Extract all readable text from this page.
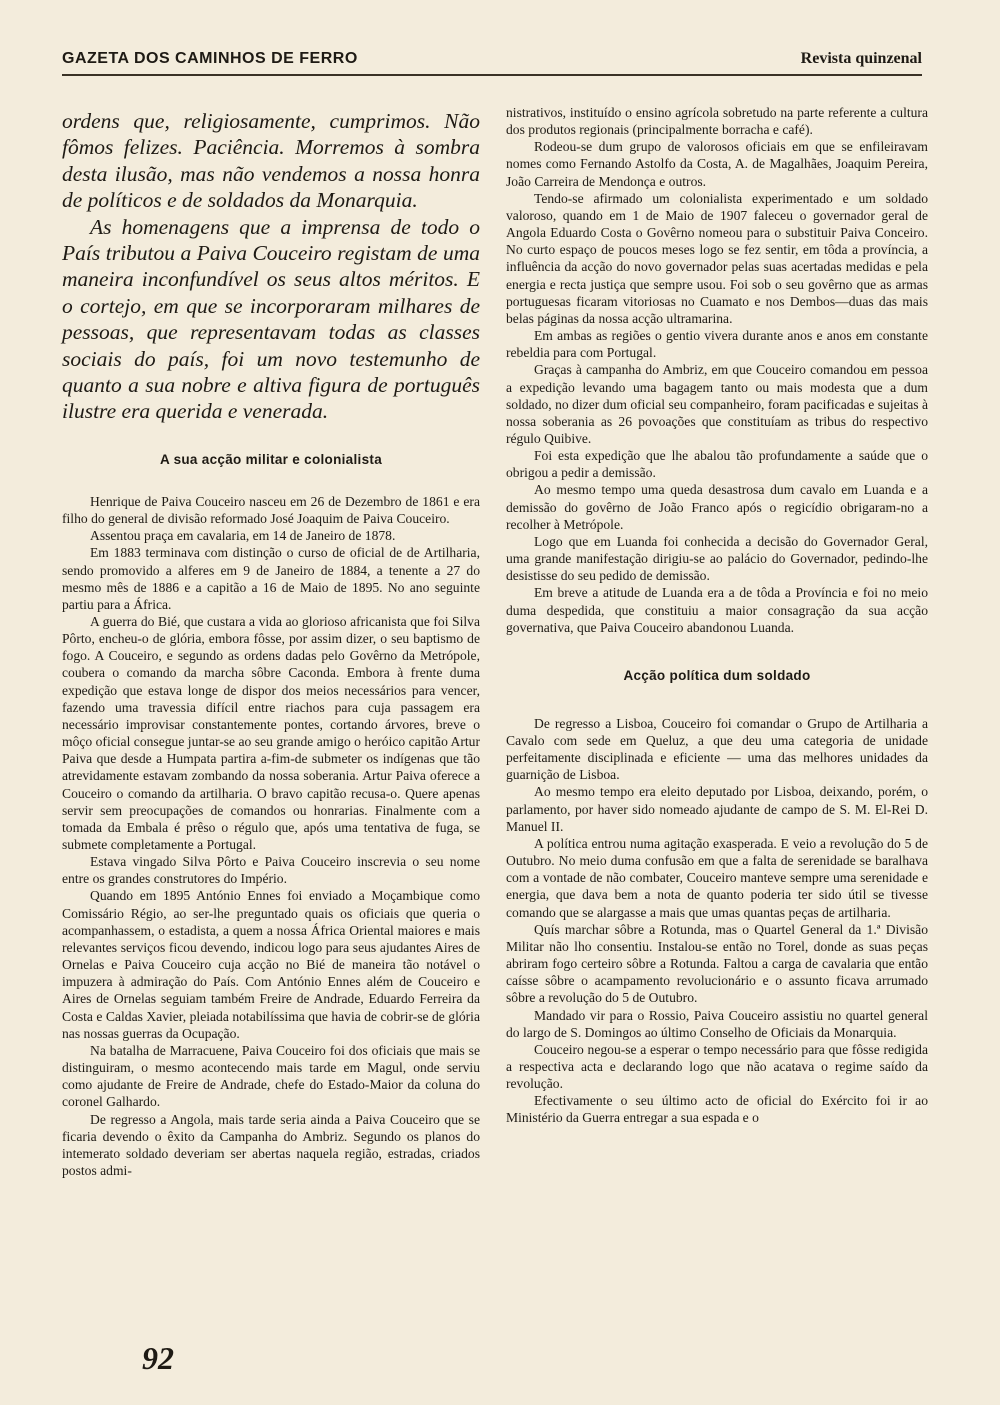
GAZETA DOS CAMINHOS DE FERRO	Revista quinzenal

ordens que, religiosamente, cumprimos. Não fômos felizes. Paciência. Morremos à sombra desta ilusão, mas não vendemos a nossa honra de políticos e de soldados da Monarquia.

As homenagens que a imprensa de todo o País tributou a Paiva Couceiro registam de uma maneira inconfundível os seus altos méritos. E o cortejo, em que se incorporaram milhares de pessoas, que representavam todas as classes sociais do país, foi um novo testemunho de quanto a sua nobre e altiva figura de português ilustre era querida e venerada.

A sua acção militar e colonialista

Henrique de Paiva Couceiro nasceu em 26 de Dezembro de 1861 e era filho do general de divisão reformado José Joaquim de Paiva Couceiro.

Assentou praça em cavalaria, em 14 de Janeiro de 1878.

Em 1883 terminava com distinção o curso de oficial de de Artilharia, sendo promovido a alferes em 9 de Janeiro de 1884, a tenente a 27 do mesmo mês de 1886 e a capitão a 16 de Maio de 1895. No ano seguinte partiu para a África.

A guerra do Bié, que custara a vida ao glorioso africanista que foi Silva Pôrto, encheu-o de glória, embora fôsse, por assim dizer, o seu baptismo de fogo. A Couceiro, e segundo as ordens dadas pelo Govêrno da Metrópole, coubera o comando da marcha sôbre Caconda. Embora à frente duma expedição que estava longe de dispor dos meios necessários para vencer, fazendo uma travessia difícil entre riachos para cuja passagem era necessário improvisar constantemente pontes, cortando árvores, breve o môço oficial consegue juntar-se ao seu grande amigo o heróico capitão Artur Paiva que desde a Humpata partira a-fim-de submeter os indígenas que tão atrevidamente estavam zombando da nossa soberania. Artur Paiva oferece a Couceiro o comando da artilharia. O bravo capitão recusa-o. Quere apenas servir sem preocupações de comandos ou honrarias. Finalmente com a tomada da Embala é prêso o régulo que, após uma tentativa de fuga, se submete completamente a Portugal.

Estava vingado Silva Pôrto e Paiva Couceiro inscrevia o seu nome entre os grandes construtores do Império.

Quando em 1895 António Ennes foi enviado a Moçambique como Comissário Régio, ao ser-lhe preguntado quais os oficiais que queria o acompanhassem, o estadista, a quem a nossa África Oriental maiores e mais relevantes serviços ficou devendo, indicou logo para seus ajudantes Aires de Ornelas e Paiva Couceiro cuja acção no Bié de maneira tão notável o impuzera à admiração do País. Com António Ennes além de Couceiro e Aires de Ornelas seguiam também Freire de Andrade, Eduardo Ferreira da Costa e Caldas Xavier, pleiada notabilíssima que havia de cobrir-se de glória nas nossas guerras da Ocupação.

Na batalha de Marracuene, Paiva Couceiro foi dos oficiais que mais se distinguiram, o mesmo acontecendo mais tarde em Magul, onde serviu como ajudante de Freire de Andrade, chefe do Estado-Maior da coluna do coronel Galhardo.

De regresso a Angola, mais tarde seria ainda a Paiva Couceiro que se ficaria devendo o êxito da Campanha do Ambriz. Segundo os planos do intemerato soldado deveriam ser abertas naquela região, estradas, criados postos admi-

nistrativos, instituído o ensino agrícola sobretudo na parte referente a cultura dos produtos regionais (principalmente borracha e café).

Rodeou-se dum grupo de valorosos oficiais em que se enfileiravam nomes como Fernando Astolfo da Costa, A. de Magalhães, Joaquim Pereira, João Carreira de Mendonça e outros.

Tendo-se afirmado um colonialista experimentado e um soldado valoroso, quando em 1 de Maio de 1907 faleceu o governador geral de Angola Eduardo Costa o Govêrno nomeou para o substituir Paiva Conceiro. No curto espaço de poucos meses logo se fez sentir, em tôda a província, a influência da acção do novo governador pelas suas acertadas medidas e pela energia e recta justiça que sempre usou. Foi sob o seu govêrno que as armas portuguesas ficaram vitoriosas no Cuamato e nos Dembos—duas das mais belas páginas da nossa acção ultramarina.

Em ambas as regiões o gentio vivera durante anos e anos em constante rebeldia para com Portugal.

Graças à campanha do Ambriz, em que Couceiro comandou em pessoa a expedição levando uma bagagem tanto ou mais modesta que a dum soldado, no dizer dum oficial seu companheiro, foram pacificadas e sujeitas à nossa soberania as 26 povoações que constituíam as tribus do respectivo régulo Quibive.

Foi esta expedição que lhe abalou tão profundamente a saúde que o obrigou a pedir a demissão.

Ao mesmo tempo uma queda desastrosa dum cavalo em Luanda e a demissão do govêrno de João Franco após o regicídio obrigaram-no a recolher à Metrópole.

Logo que em Luanda foi conhecida a decisão do Governador Geral, uma grande manifestação dirigiu-se ao palácio do Governador, pedindo-lhe desistisse do seu pedido de demissão.

Em breve a atitude de Luanda era a de tôda a Província e foi no meio duma despedida, que constituiu a maior consagração da sua acção governativa, que Paiva Couceiro abandonou Luanda.

Acção política dum soldado

De regresso a Lisboa, Couceiro foi comandar o Grupo de Artilharia a Cavalo com sede em Queluz, a que deu uma categoria de unidade perfeitamente disciplinada e eficiente — uma das melhores unidades da guarnição de Lisboa.

Ao mesmo tempo era eleito deputado por Lisboa, deixando, porém, o parlamento, por haver sido nomeado ajudante de campo de S. M. El-Rei D. Manuel II.

A política entrou numa agitação exasperada. E veio a revolução do 5 de Outubro. No meio duma confusão em que a falta de serenidade se baralhava com a vontade de não combater, Couceiro manteve sempre uma serenidade e energia, que dava bem a nota de quanto poderia ter sido útil se tivesse comando que se alargasse a mais que umas quantas peças de artilharia.

Quís marchar sôbre a Rotunda, mas o Quartel General da 1.ª Divisão Militar não lho consentiu. Instalou-se então no Torel, donde as suas peças abriram fogo certeiro sôbre a Rotunda. Faltou a carga de cavalaria que então caísse sôbre o acampamento revolucionário e o assunto ficava arrumado sôbre a revolução do 5 de Outubro.

Mandado vir para o Rossio, Paiva Couceiro assistiu no quartel general do largo de S. Domingos ao último Conselho de Oficiais da Monarquia.

Couceiro negou-se a esperar o tempo necessário para que fôsse redigida a respectiva acta e declarando logo que não acatava o regime saído da revolução.

Efectivamente o seu último acto de oficial do Exército foi ir ao Ministério da Guerra entregar a sua espada e o

92
